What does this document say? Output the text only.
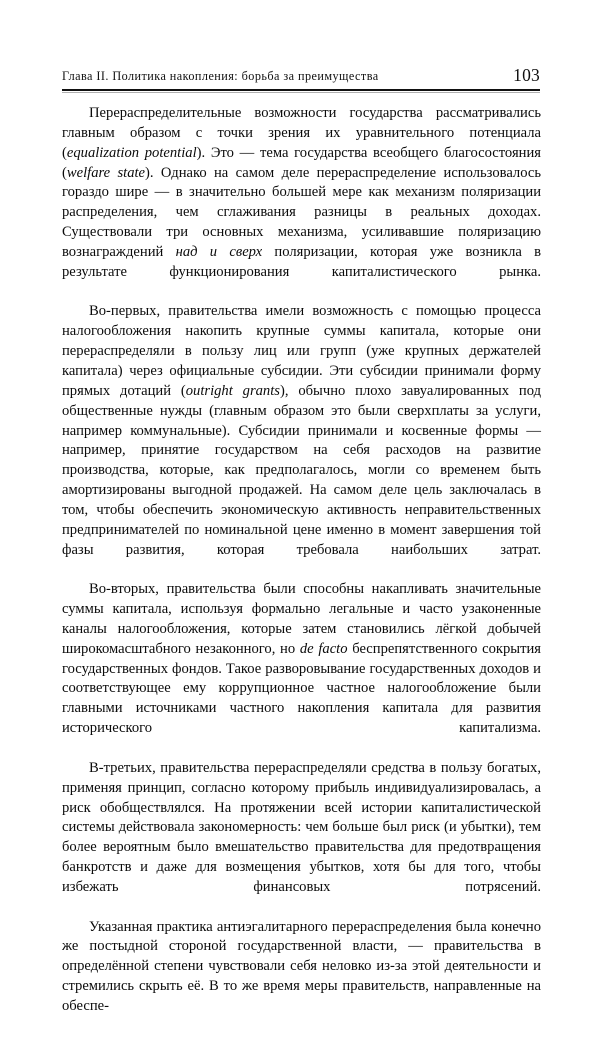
Глава II. Политика накопления: борьба за преимущества	103

Перераспределительные возможности государства рассматривались главным образом с точки зрения их уравнительного потенциала (equalization potential). Это — тема государства всеобщего благосостояния (welfare state). Однако на самом деле перераспределение использовалось гораздо шире — в значительно большей мере как механизм поляризации распределения, чем сглаживания разницы в реальных доходах. Существовали три основных механизма, усиливавшие поляризацию вознаграждений над и сверх поляризации, которая уже возникла в результате функционирования капиталистического рынка.

Во-первых, правительства имели возможность с помощью процесса налогообложения накопить крупные суммы капитала, которые они перераспределяли в пользу лиц или групп (уже крупных держателей капитала) через официальные субсидии. Эти субсидии принимали форму прямых дотаций (outright grants), обычно плохо завуалированных под общественные нужды (главным образом это были сверхплаты за услуги, например коммунальные). Субсидии принимали и косвенные формы — например, принятие государством на себя расходов на развитие производства, которые, как предполагалось, могли со временем быть амортизированы выгодной продажей. На самом деле цель заключалась в том, чтобы обеспечить экономическую активность неправительственных предпринимателей по номинальной цене именно в момент завершения той фазы развития, которая требовала наибольших затрат.

Во-вторых, правительства были способны накапливать значительные суммы капитала, используя формально легальные и часто узаконенные каналы налогообложения, которые затем становились лёгкой добычей широкомасштабного незаконного, но de facto беспрепятственного сокрытия государственных фондов. Такое разворовывание государственных доходов и соответствующее ему коррупционное частное налогообложение были главными источниками частного накопления капитала для развития исторического капитализма.

В-третьих, правительства перераспределяли средства в пользу богатых, применяя принцип, согласно которому прибыль индивидуализировалась, а риск обобществлялся. На протяжении всей истории капиталистической системы действовала закономерность: чем больше был риск (и убытки), тем более вероятным было вмешательство правительства для предотвращения банкротств и даже для возмещения убытков, хотя бы для того, чтобы избежать финансовых потрясений.

Указанная практика антиэгалитарного перераспределения была конечно же постыдной стороной государственной власти, — правительства в определённой степени чувствовали себя неловко из-за этой деятельности и стремились скрыть её. В то же время меры правительств, направленные на обеспе-
